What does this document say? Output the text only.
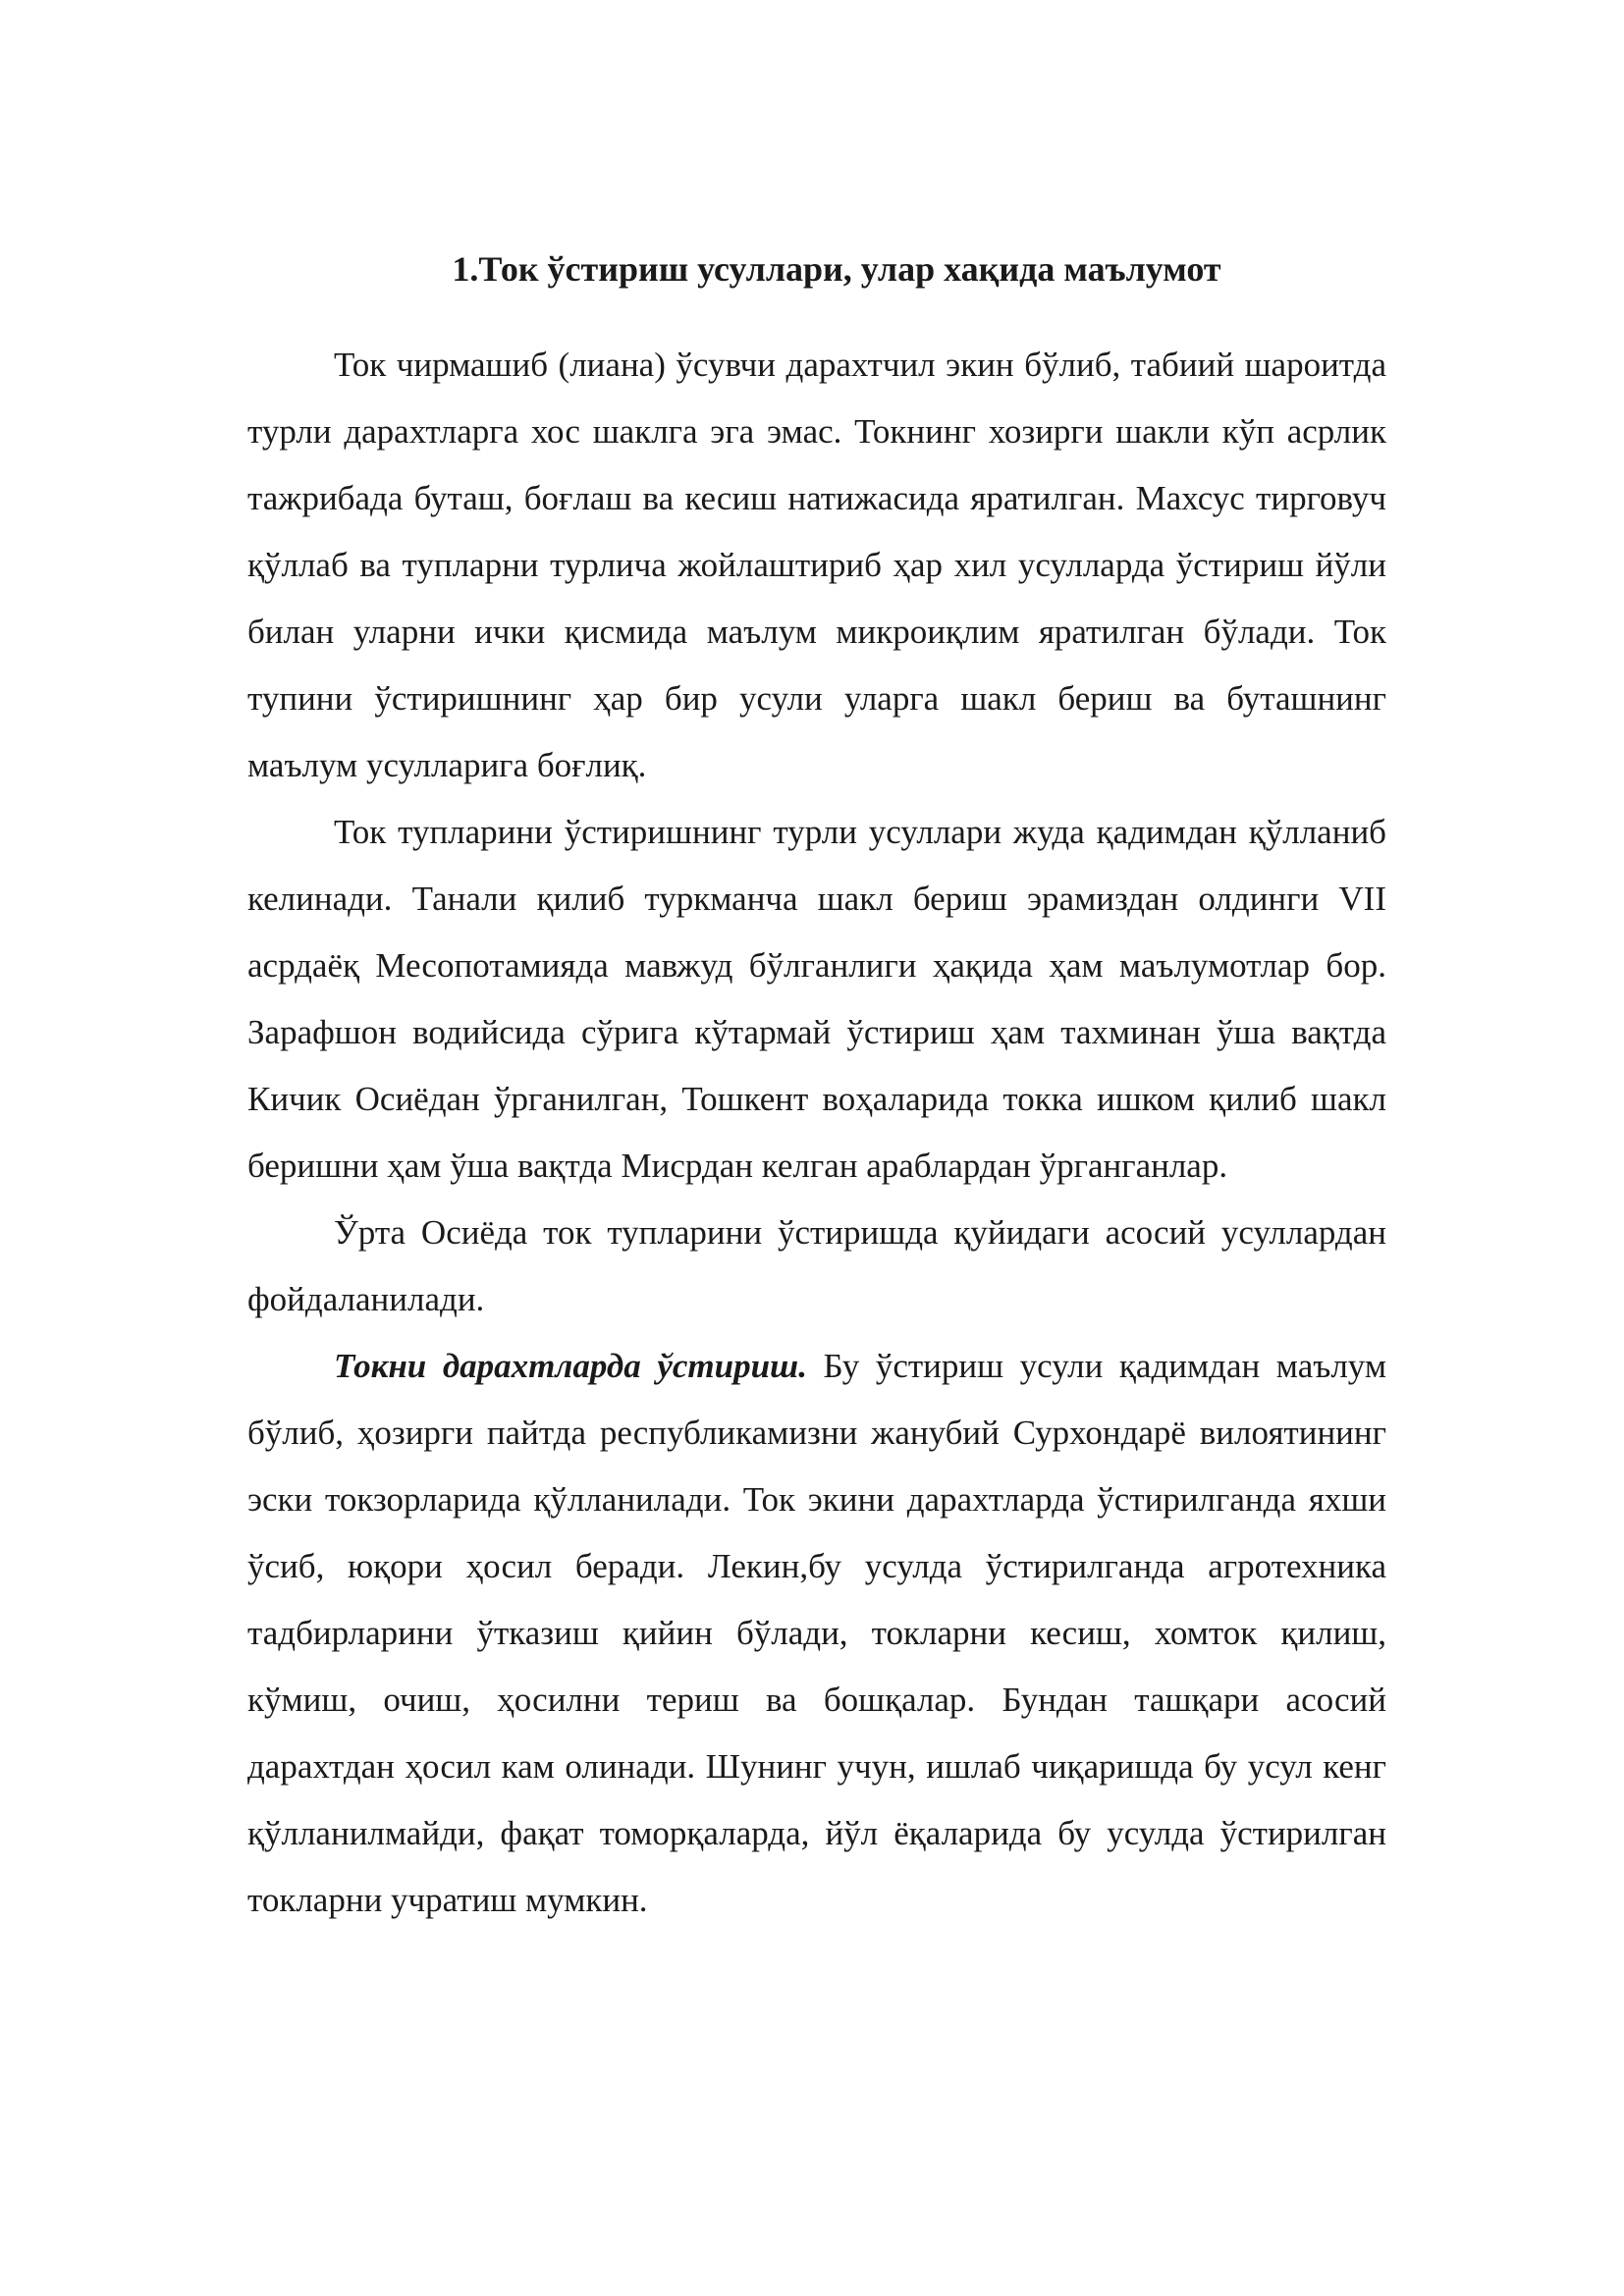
1.Ток ўстириш усуллари, улар хақида маълумот

Ток чирмашиб (лиана) ўсувчи дарахтчил экин бўлиб, табиий шароитда турли дарахтларга хос шаклга эга эмас. Токнинг хозирги шакли кўп асрлик тажрибада буташ, боғлаш ва кесиш натижасида яратилган. Махсус тирговуч қўллаб ва тупларни турлича жойлаштириб ҳар хил усулларда ўстириш йўли билан уларни ички қисмида маълум микроиқлим яратилган бўлади. Ток тупини ўстиришнинг ҳар бир усули уларга шакл бериш ва буташнинг маълум усулларига боғлиқ.

Ток тупларини ўстиришнинг турли усуллари жуда қадимдан қўлланиб келинади. Танали қилиб туркманча шакл бериш эрамиздан олдинги VII асрдаёқ Месопотамияда мавжуд бўлганлиги ҳақида ҳам маълумотлар бор. Зарафшон водийсида сўрига кўтармай ўстириш ҳам тахминан ўша вақтда Кичик Осиёдан ўрганилган, Тошкент воҳаларида токка ишком қилиб шакл беришни ҳам ўша вақтда Мисрдан келган араблардан ўрганганлар.

Ўрта Осиёда ток тупларини ўстиришда қуйидаги асосий усуллардан фойдаланилади.

Токни дарахтларда ўстириш. Бу ўстириш усули қадимдан маълум бўлиб, ҳозирги пайтда республикамизни жанубий Сурхондарё вилоятининг эски токзорларида қўлланилади. Ток экини дарахтларда ўстирилганда яхши ўсиб, юқори ҳосил беради. Лекин,бу усулда ўстирилганда агротехника тадбирларини ўтказиш қийин бўлади, токларни кесиш, хомток қилиш, кўмиш, очиш, ҳосилни териш ва бошқалар. Бундан ташқари асосий дарахтдан ҳосил кам олинади. Шунинг учун, ишлаб чиқаришда бу усул кенг қўлланилмайди, фақат томорқаларда, йўл ёқаларида бу усулда ўстирилган токларни учратиш мумкин.
